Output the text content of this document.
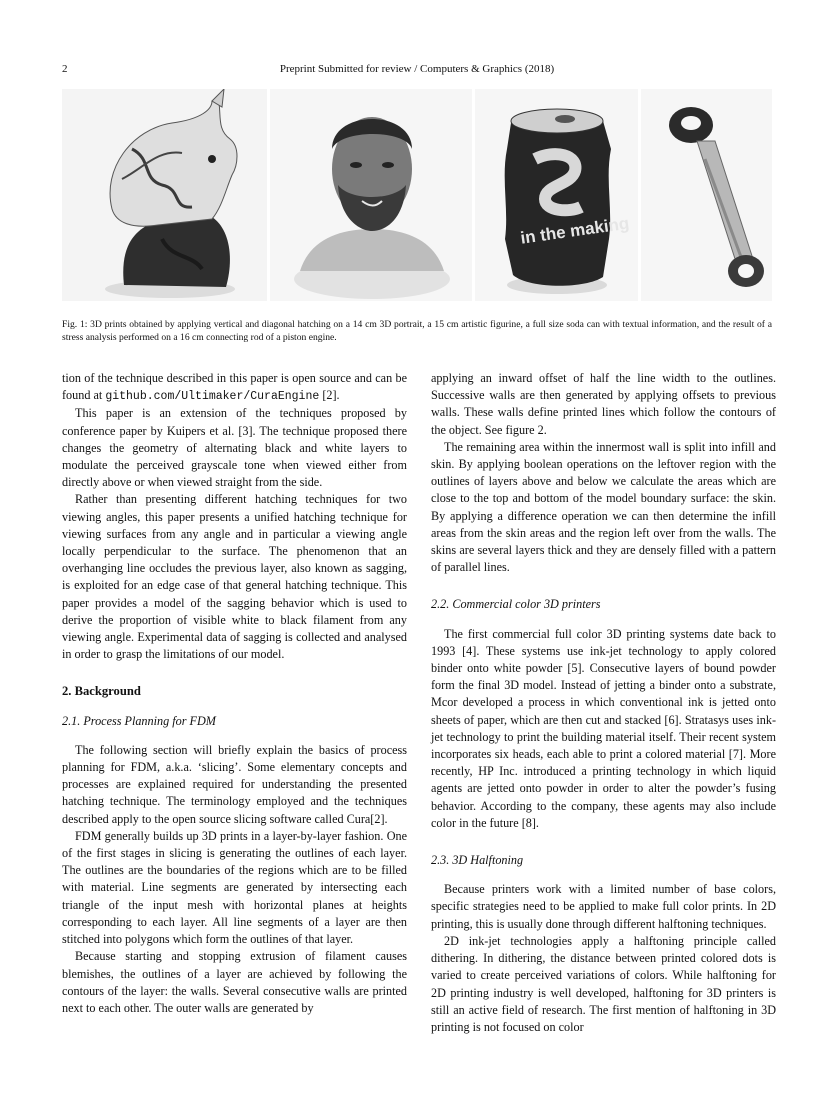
2	Preprint Submitted for review / Computers & Graphics (2018)
in the making
Fig. 1: 3D prints obtained by applying vertical and diagonal hatching on a 14 cm 3D portrait, a 15 cm artistic figurine, a full size soda can with textual information, and the result of a stress analysis performed on a 16 cm connecting rod of a piston engine.

tion of the technique described in this paper is open source and can be found at github.com/Ultimaker/CuraEngine [2].

This paper is an extension of the techniques proposed by conference paper by Kuipers et al. [3]. The technique proposed there changes the geometry of alternating black and white layers to modulate the perceived grayscale tone when viewed either from directly above or when viewed straight from the side.

Rather than presenting different hatching techniques for two viewing angles, this paper presents a unified hatching technique for viewing surfaces from any angle and in particular a viewing angle locally perpendicular to the surface. The phenomenon that an overhanging line occludes the previous layer, also known as sagging, is exploited for an edge case of that general hatching technique. This paper provides a model of the sagging behavior which is used to derive the proportion of visible white to black filament from any viewing angle. Experimental data of sagging is collected and analysed in order to grasp the limitations of our model.

2. Background
2.1. Process Planning for FDM

The following section will briefly explain the basics of process planning for FDM, a.k.a. ‘slicing’. Some elementary concepts and processes are explained required for understanding the presented hatching technique. The terminology employed and the techniques described apply to the open source slicing software called Cura[2].

FDM generally builds up 3D prints in a layer-by-layer fashion. One of the first stages in slicing is generating the outlines of each layer. The outlines are the boundaries of the regions which are to be filled with material. Line segments are generated by intersecting each triangle of the input mesh with horizontal planes at heights corresponding to each layer. All line segments of a layer are then stitched into polygons which form the outlines of that layer.

Because starting and stopping extrusion of filament causes blemishes, the outlines of a layer are achieved by following the contours of the layer: the walls. Several consecutive walls are printed next to each other. The outer walls are generated by

applying an inward offset of half the line width to the outlines. Successive walls are then generated by applying offsets to previous walls. These walls define printed lines which follow the contours of the object. See figure 2.

The remaining area within the innermost wall is split into infill and skin. By applying boolean operations on the leftover region with the outlines of layers above and below we calculate the areas which are close to the top and bottom of the model boundary surface: the skin. By applying a difference operation we can then determine the infill areas from the skin areas and the region left over from the walls. The skins are several layers thick and they are densely filled with a pattern of parallel lines.

2.2. Commercial color 3D printers

The first commercial full color 3D printing systems date back to 1993 [4]. These systems use ink-jet technology to apply colored binder onto white powder [5]. Consecutive layers of bound powder form the final 3D model. Instead of jetting a binder onto a substrate, Mcor developed a process in which conventional ink is jetted onto sheets of paper, which are then cut and stacked [6]. Stratasys uses ink-jet technology to print the building material itself. Their recent system incorporates six heads, each able to print a colored material [7]. More recently, HP Inc. introduced a printing technology in which liquid agents are jetted onto powder in order to alter the powder’s fusing behavior. According to the company, these agents may also include color in the future [8].

2.3. 3D Halftoning

Because printers work with a limited number of base colors, specific strategies need to be applied to make full color prints. In 2D printing, this is usually done through different halftoning techniques.

2D ink-jet technologies apply a halftoning principle called dithering. In dithering, the distance between printed colored dots is varied to create perceived variations of colors. While halftoning for 2D printing industry is well developed, halftoning for 3D printers is still an active field of research. The first mention of halftoning in 3D printing is not focused on color
